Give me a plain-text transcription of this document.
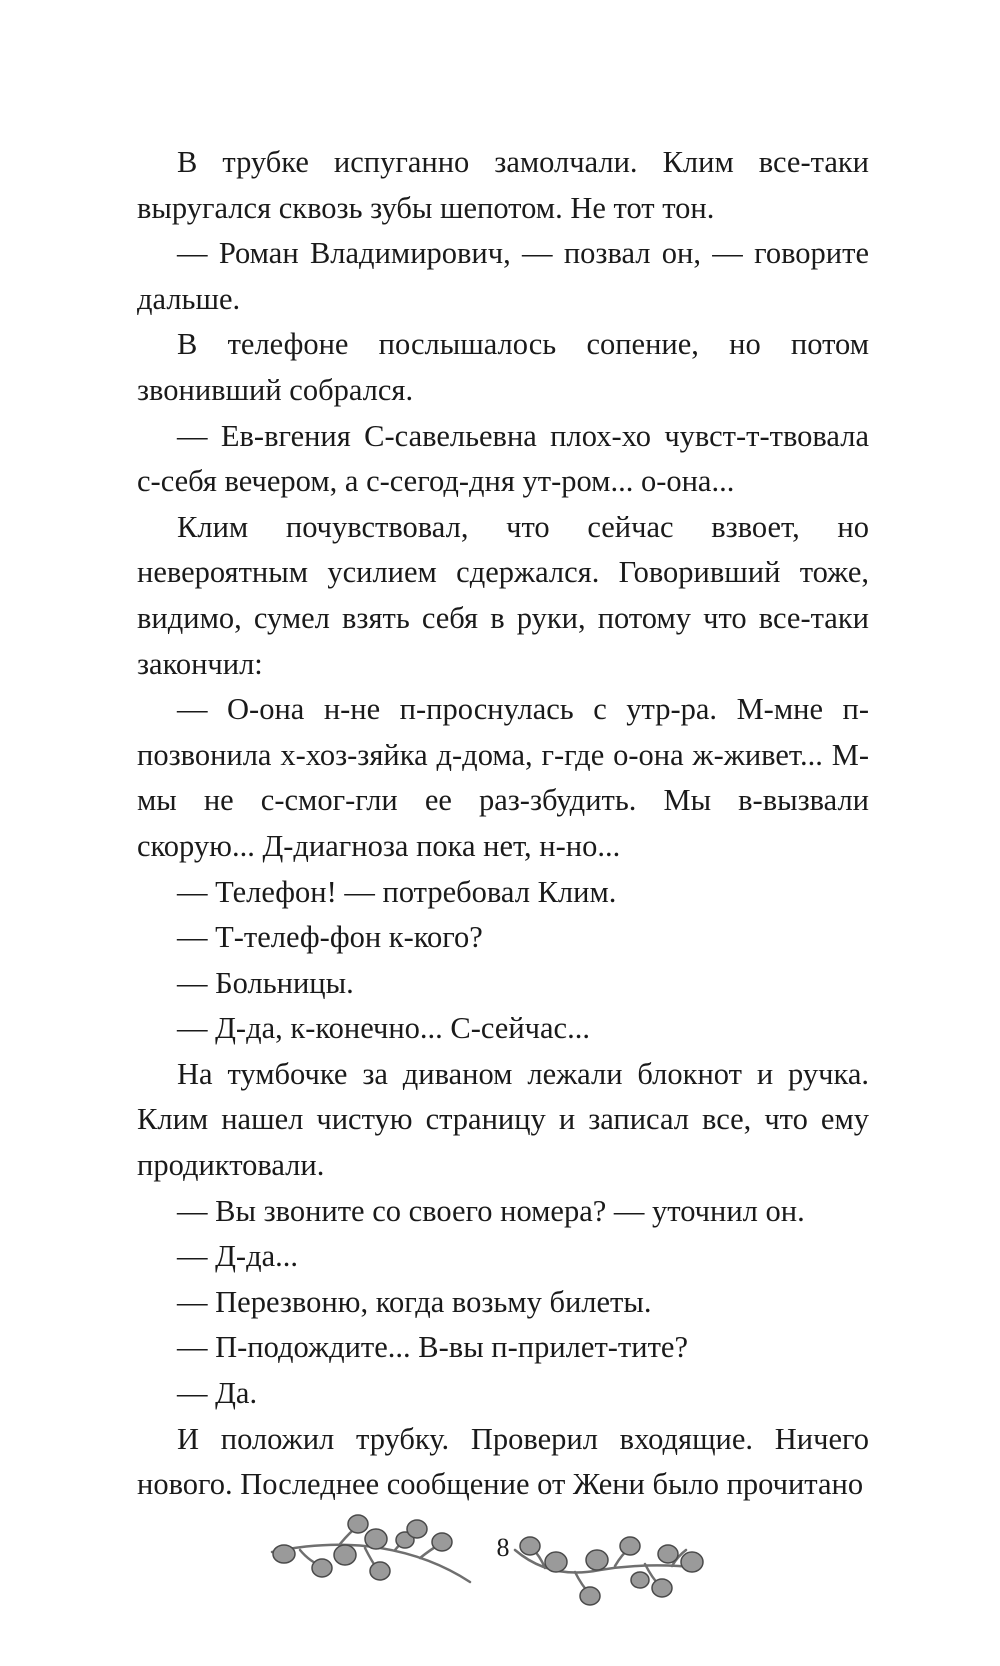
В трубке испуганно замолчали. Клим все-таки выругался сквозь зубы шепотом. Не тот тон.

— Роман Владимирович, — позвал он, — говорите дальше.

В телефоне послышалось сопение, но потом звонивший собрался.

— Ев-вгения С-савельевна плох-хо чувст-т-твовала с-себя вечером, а с-сегод-дня ут-ром... о-она...

Клим почувствовал, что сейчас взвоет, но невероятным усилием сдержался. Говоривший тоже, видимо, сумел взять себя в руки, потому что все-таки закончил:

— О-она н-не п-проснулась с утр-ра. М-мне п-позвонила х-хоз-зяйка д-дома, г-где о-она ж-живет... М-мы не с-смог-гли ее раз-збудить. Мы в-вызвали скорую... Д-диагноза пока нет, н-но...

— Телефон! — потребовал Клим.

— Т-телеф-фон к-кого?

— Больницы.

— Д-да, к-конечно... С-сейчас...

На тумбочке за диваном лежали блокнот и ручка. Клим нашел чистую страницу и записал все, что ему продиктовали.

— Вы звоните со своего номера? — уточнил он.

— Д-да...

— Перезвоню, когда возьму билеты.

— П-подождите... В-вы п-прилет-тите?

— Да.

И положил трубку. Проверил входящие. Ничего нового. Последнее сообщение от Жени было прочитано

8
